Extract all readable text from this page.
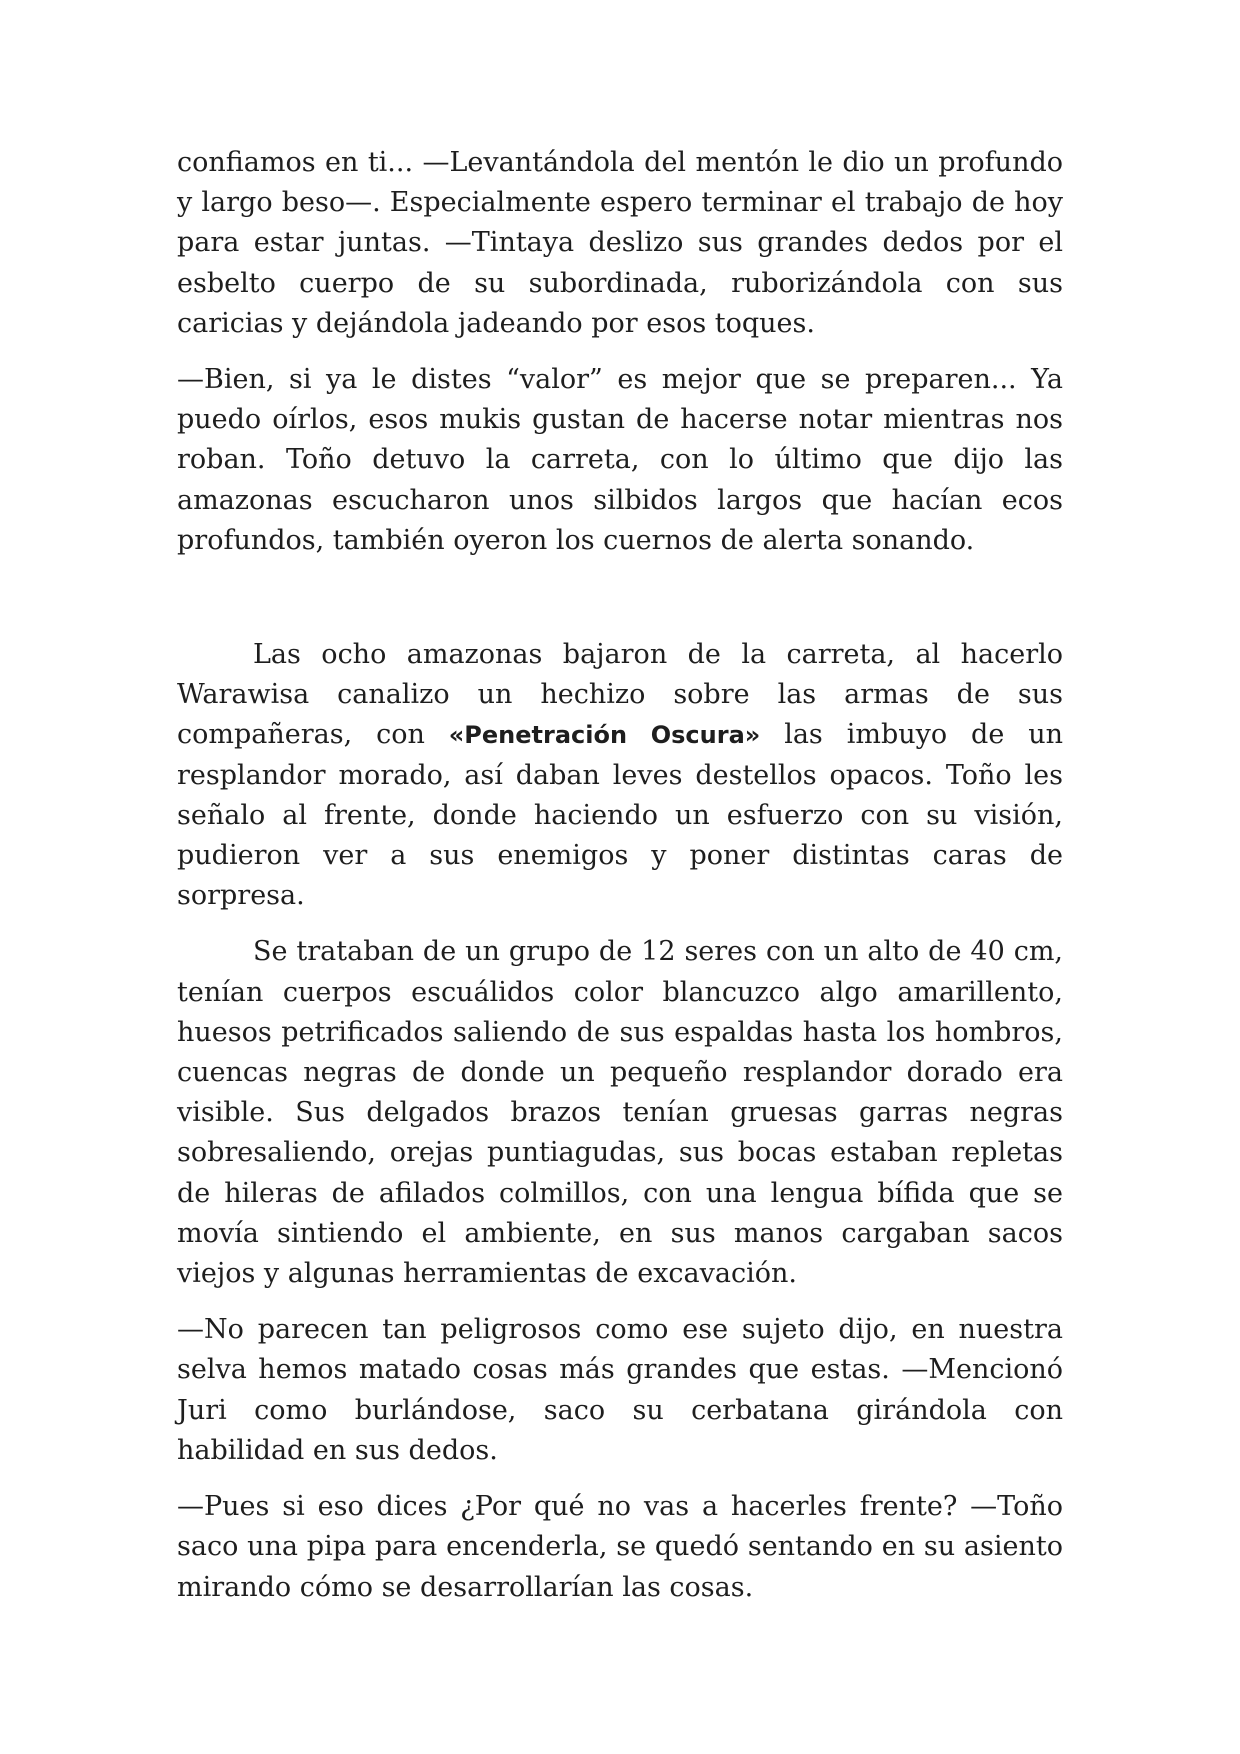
confiamos en ti... —Levantándola del mentón le dio un profundo y largo beso—. Especialmente espero terminar el trabajo de hoy para estar juntas. —Tintaya deslizo sus grandes dedos por el esbelto cuerpo de su subordinada, ruborizándola con sus caricias y dejándola jadeando por esos toques.

—Bien, si ya le distes “valor” es mejor que se preparen... Ya puedo oírlos, esos mukis gustan de hacerse notar mientras nos roban. Toño detuvo la carreta, con lo último que dijo las amazonas escucharon unos silbidos largos que hacían ecos profundos, también oyeron los cuernos de alerta sonando.

Las ocho amazonas bajaron de la carreta, al hacerlo Warawisa canalizo un hechizo sobre las armas de sus compañeras, con «Penetración Oscura» las imbuyo de un resplandor morado, así daban leves destellos opacos. Toño les señalo al frente, donde haciendo un esfuerzo con su visión, pudieron ver a sus enemigos y poner distintas caras de sorpresa.

Se trataban de un grupo de 12 seres con un alto de 40 cm, tenían cuerpos escuálidos color blancuzco algo amarillento, huesos petrificados saliendo de sus espaldas hasta los hombros, cuencas negras de donde un pequeño resplandor dorado era visible. Sus delgados brazos tenían gruesas garras negras sobresaliendo, orejas puntiagudas, sus bocas estaban repletas de hileras de afilados colmillos, con una lengua bífida que se movía sintiendo el ambiente, en sus manos cargaban sacos viejos y algunas herramientas de excavación.

—No parecen tan peligrosos como ese sujeto dijo, en nuestra selva hemos matado cosas más grandes que estas. —Mencionó Juri como burlándose, saco su cerbatana girándola con habilidad en sus dedos.

—Pues si eso dices ¿Por qué no vas a hacerles frente? —Toño saco una pipa para encenderla, se quedó sentando en su asiento mirando cómo se desarrollarían las cosas.
